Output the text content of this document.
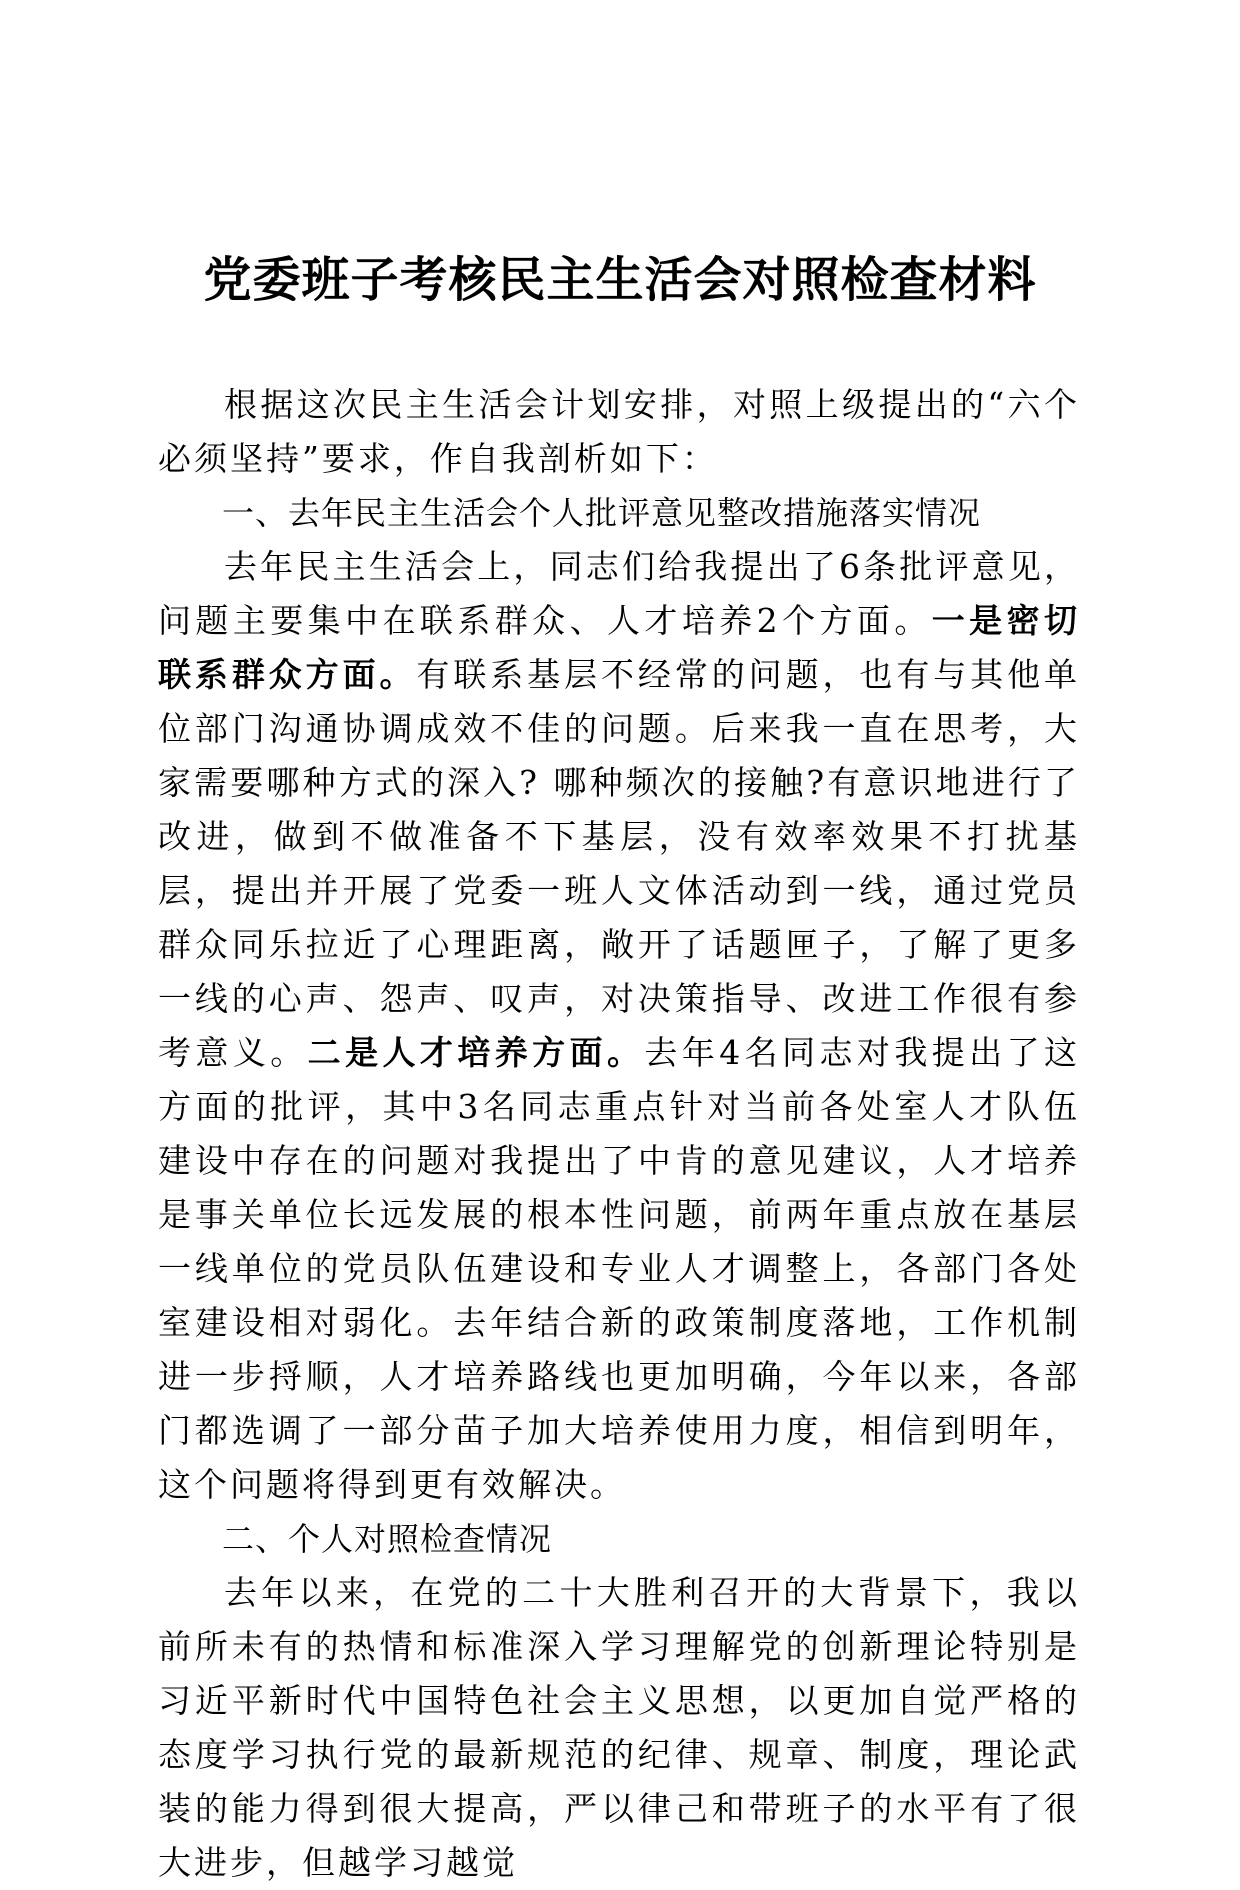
党委班子考核民主生活会对照检查材料

根据这次民主生活会计划安排，对照上级提出的“六个必须坚持”要求，作自我剖析如下：

一、去年民主生活会个人批评意见整改措施落实情况

去年民主生活会上，同志们给我提出了6条批评意见，问题主要集中在联系群众、人才培养2个方面。一是密切联系群众方面。有联系基层不经常的问题，也有与其他单位部门沟通协调成效不佳的问题。后来我一直在思考，大家需要哪种方式的深入? 哪种频次的接触?有意识地进行了改进，做到不做准备不下基层，没有效率效果不打扰基层，提出并开展了党委一班人文体活动到一线，通过党员群众同乐拉近了心理距离，敞开了话题匣子，了解了更多一线的心声、怨声、叹声，对决策指导、改进工作很有参考意义。二是人才培养方面。去年4名同志对我提出了这方面的批评，其中3名同志重点针对当前各处室人才队伍建设中存在的问题对我提出了中肯的意见建议，人才培养是事关单位长远发展的根本性问题，前两年重点放在基层一线单位的党员队伍建设和专业人才调整上，各部门各处室建设相对弱化。去年结合新的政策制度落地，工作机制进一步捋顺，人才培养路线也更加明确，今年以来，各部门都选调了一部分苗子加大培养使用力度，相信到明年，这个问题将得到更有效解决。

二、个人对照检查情况

去年以来，在党的二十大胜利召开的大背景下，我以前所未有的热情和标准深入学习理解党的创新理论特别是习近平新时代中国特色社会主义思想，以更加自觉严格的态度学习执行党的最新规范的纪律、规章、制度，理论武装的能力得到很大提高，严以律己和带班子的水平有了很大进步，但越学习越觉
